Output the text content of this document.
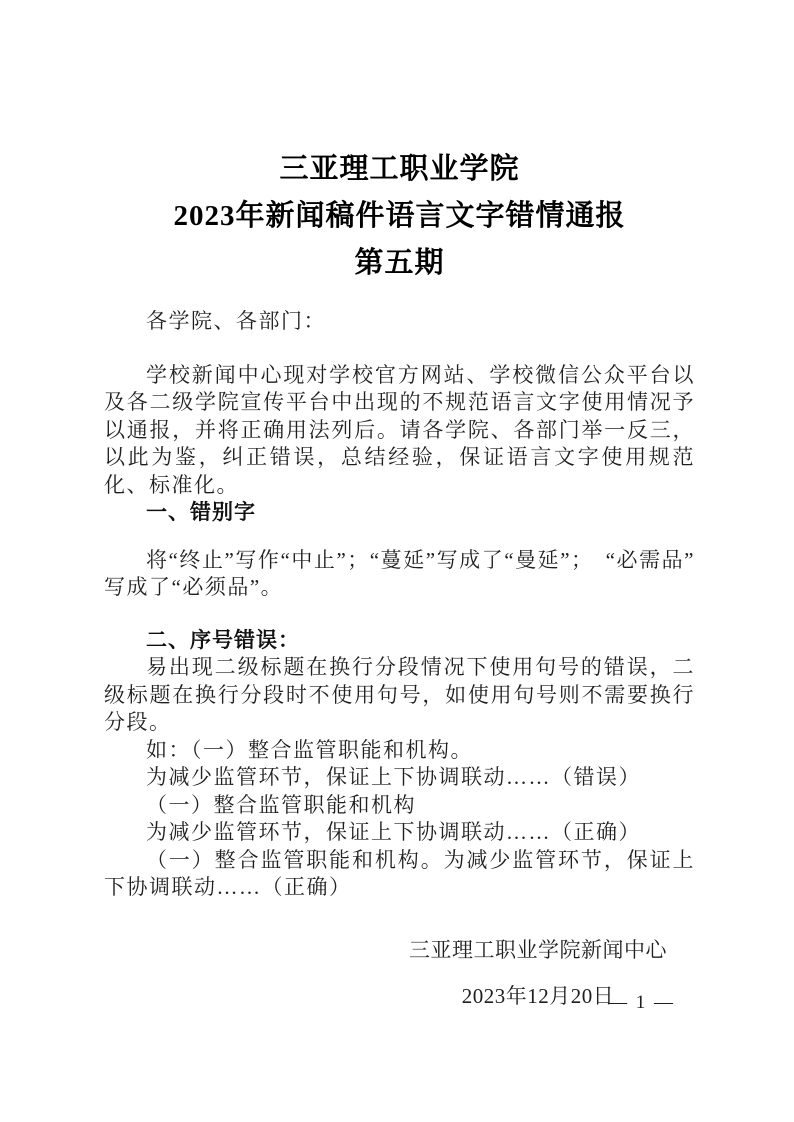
三亚理工职业学院
2023年新闻稿件语言文字错情通报
第五期

各学院、各部门：

学校新闻中心现对学校官方网站、学校微信公众平台以及各二级学院宣传平台中出现的不规范语言文字使用情况予以通报，并将正确用法列后。请各学院、各部门举一反三，以此为鉴，纠正错误，总结经验，保证语言文字使用规范化、标准化。

一、错别字

将“终止”写作“中止”；“蔓延”写成了“曼延”；　“必需品”写成了“必须品”。

二、序号错误：

易出现二级标题在换行分段情况下使用句号的错误，二级标题在换行分段时不使用句号，如使用句号则不需要换行分段。

如：（一）整合监管职能和机构。

为减少监管环节，保证上下协调联动……（错误）

（一）整合监管职能和机构

为减少监管环节，保证上下协调联动……（正确）

（一）整合监管职能和机构。为减少监管环节，保证上下协调联动……（正确）

三亚理工职业学院新闻中心
2023年12月20日
— 1 —
